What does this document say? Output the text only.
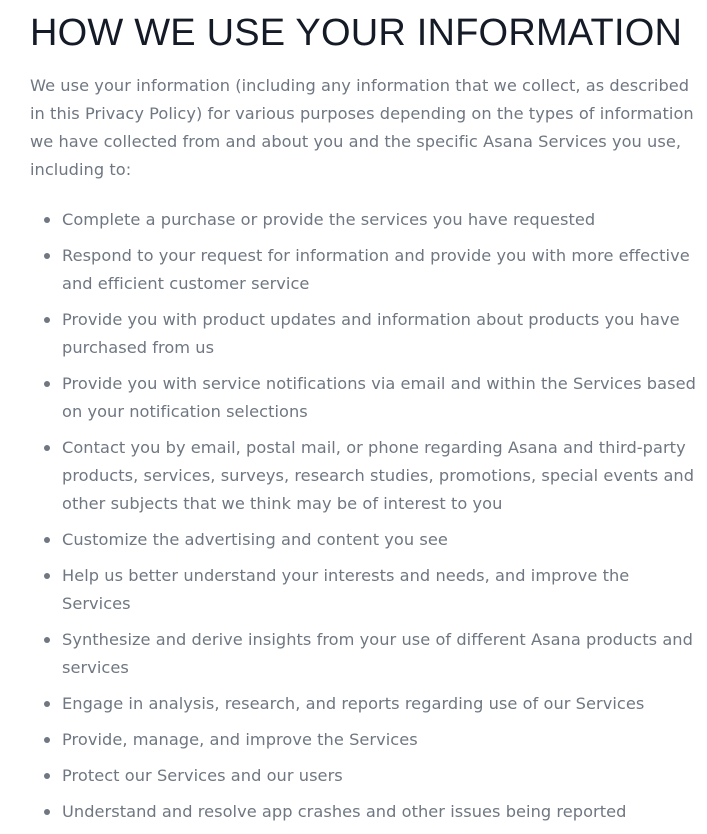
HOW WE USE YOUR INFORMATION

We use your information (including any information that we collect, as described in this Privacy Policy) for various purposes depending on the types of information we have collected from and about you and the specific Asana Services you use, including to:

Complete a purchase or provide the services you have requested
Respond to your request for information and provide you with more effective and efficient customer service
Provide you with product updates and information about products you have purchased from us
Provide you with service notifications via email and within the Services based on your notification selections
Contact you by email, postal mail, or phone regarding Asana and third-party products, services, surveys, research studies, promotions, special events and other subjects that we think may be of interest to you
Customize the advertising and content you see
Help us better understand your interests and needs, and improve the Services
Synthesize and derive insights from your use of different Asana products and services
Engage in analysis, research, and reports regarding use of our Services
Provide, manage, and improve the Services
Protect our Services and our users
Understand and resolve app crashes and other issues being reported
